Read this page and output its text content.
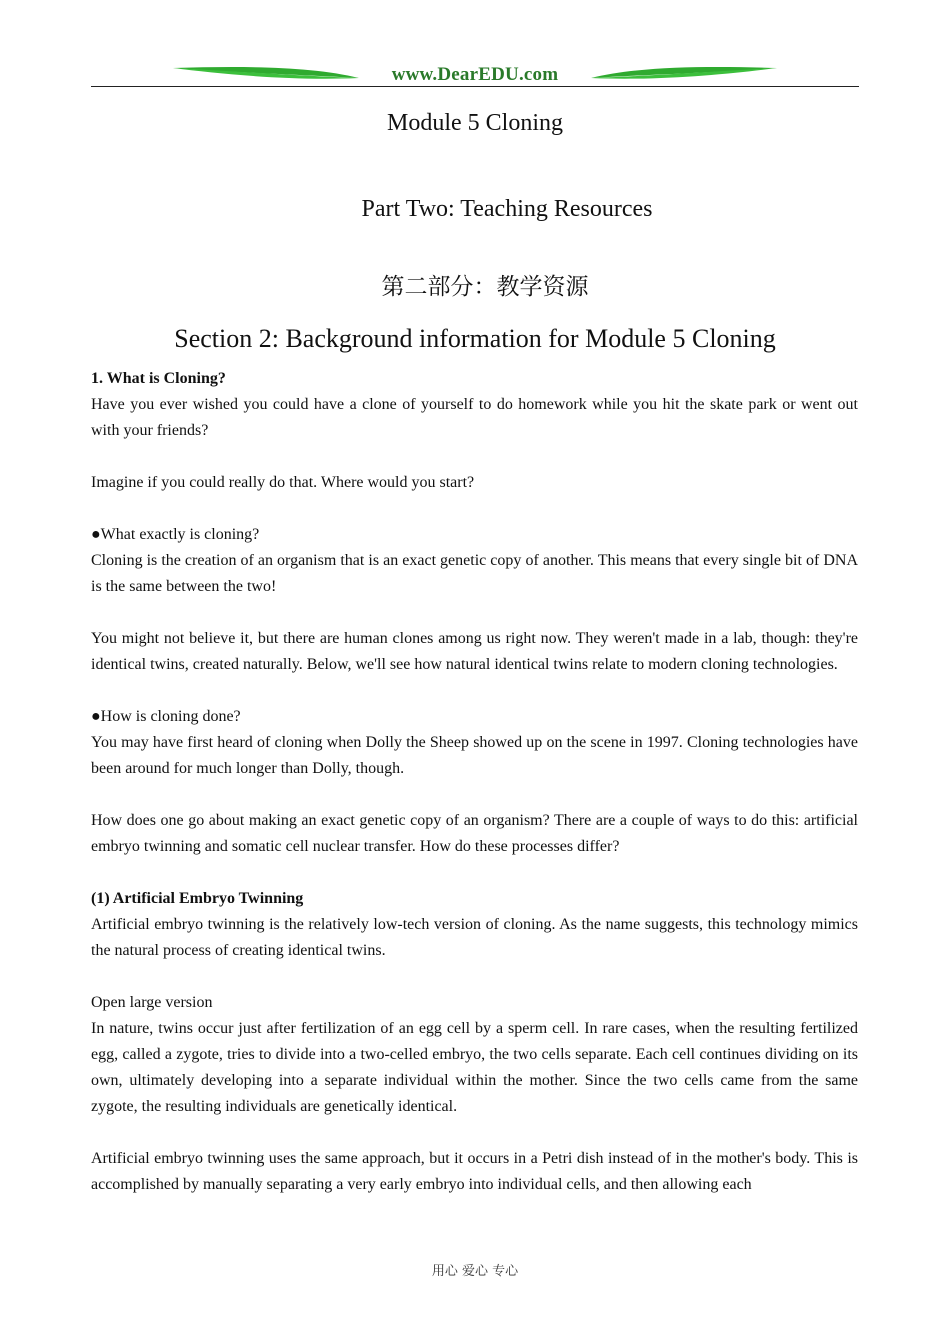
www.DearEDU.com
Module 5 Cloning
Part Two: Teaching Resources
第二部分：教学资源
Section 2: Background information for Module 5 Cloning

1. What is Cloning?

Have you ever wished you could have a clone of yourself to do homework while you hit the skate park or went out with your friends?

Imagine if you could really do that. Where would you start?

●What exactly is cloning?

Cloning is the creation of an organism that is an exact genetic copy of another. This means that every single bit of DNA is the same between the two!

You might not believe it, but there are human clones among us right now. They weren't made in a lab, though: they're identical twins, created naturally. Below, we'll see how natural identical twins relate to modern cloning technologies.

●How is cloning done?

You may have first heard of cloning when Dolly the Sheep showed up on the scene in 1997. Cloning technologies have been around for much longer than Dolly, though.

How does one go about making an exact genetic copy of an organism? There are a couple of ways to do this: artificial embryo twinning and somatic cell nuclear transfer. How do these processes differ?

(1) Artificial Embryo Twinning

Artificial embryo twinning is the relatively low-tech version of cloning. As the name suggests, this technology mimics the natural process of creating identical twins.

Open large version

In nature, twins occur just after fertilization of an egg cell by a sperm cell. In rare cases, when the resulting fertilized egg, called a zygote, tries to divide into a two-celled embryo, the two cells separate. Each cell continues dividing on its own, ultimately developing into a separate individual within the mother. Since the two cells came from the same zygote, the resulting individuals are genetically identical.

Artificial embryo twinning uses the same approach, but it occurs in a Petri dish instead of in the mother's body. This is accomplished by manually separating a very early embryo into individual cells, and then allowing each

用心 爱心 专心
